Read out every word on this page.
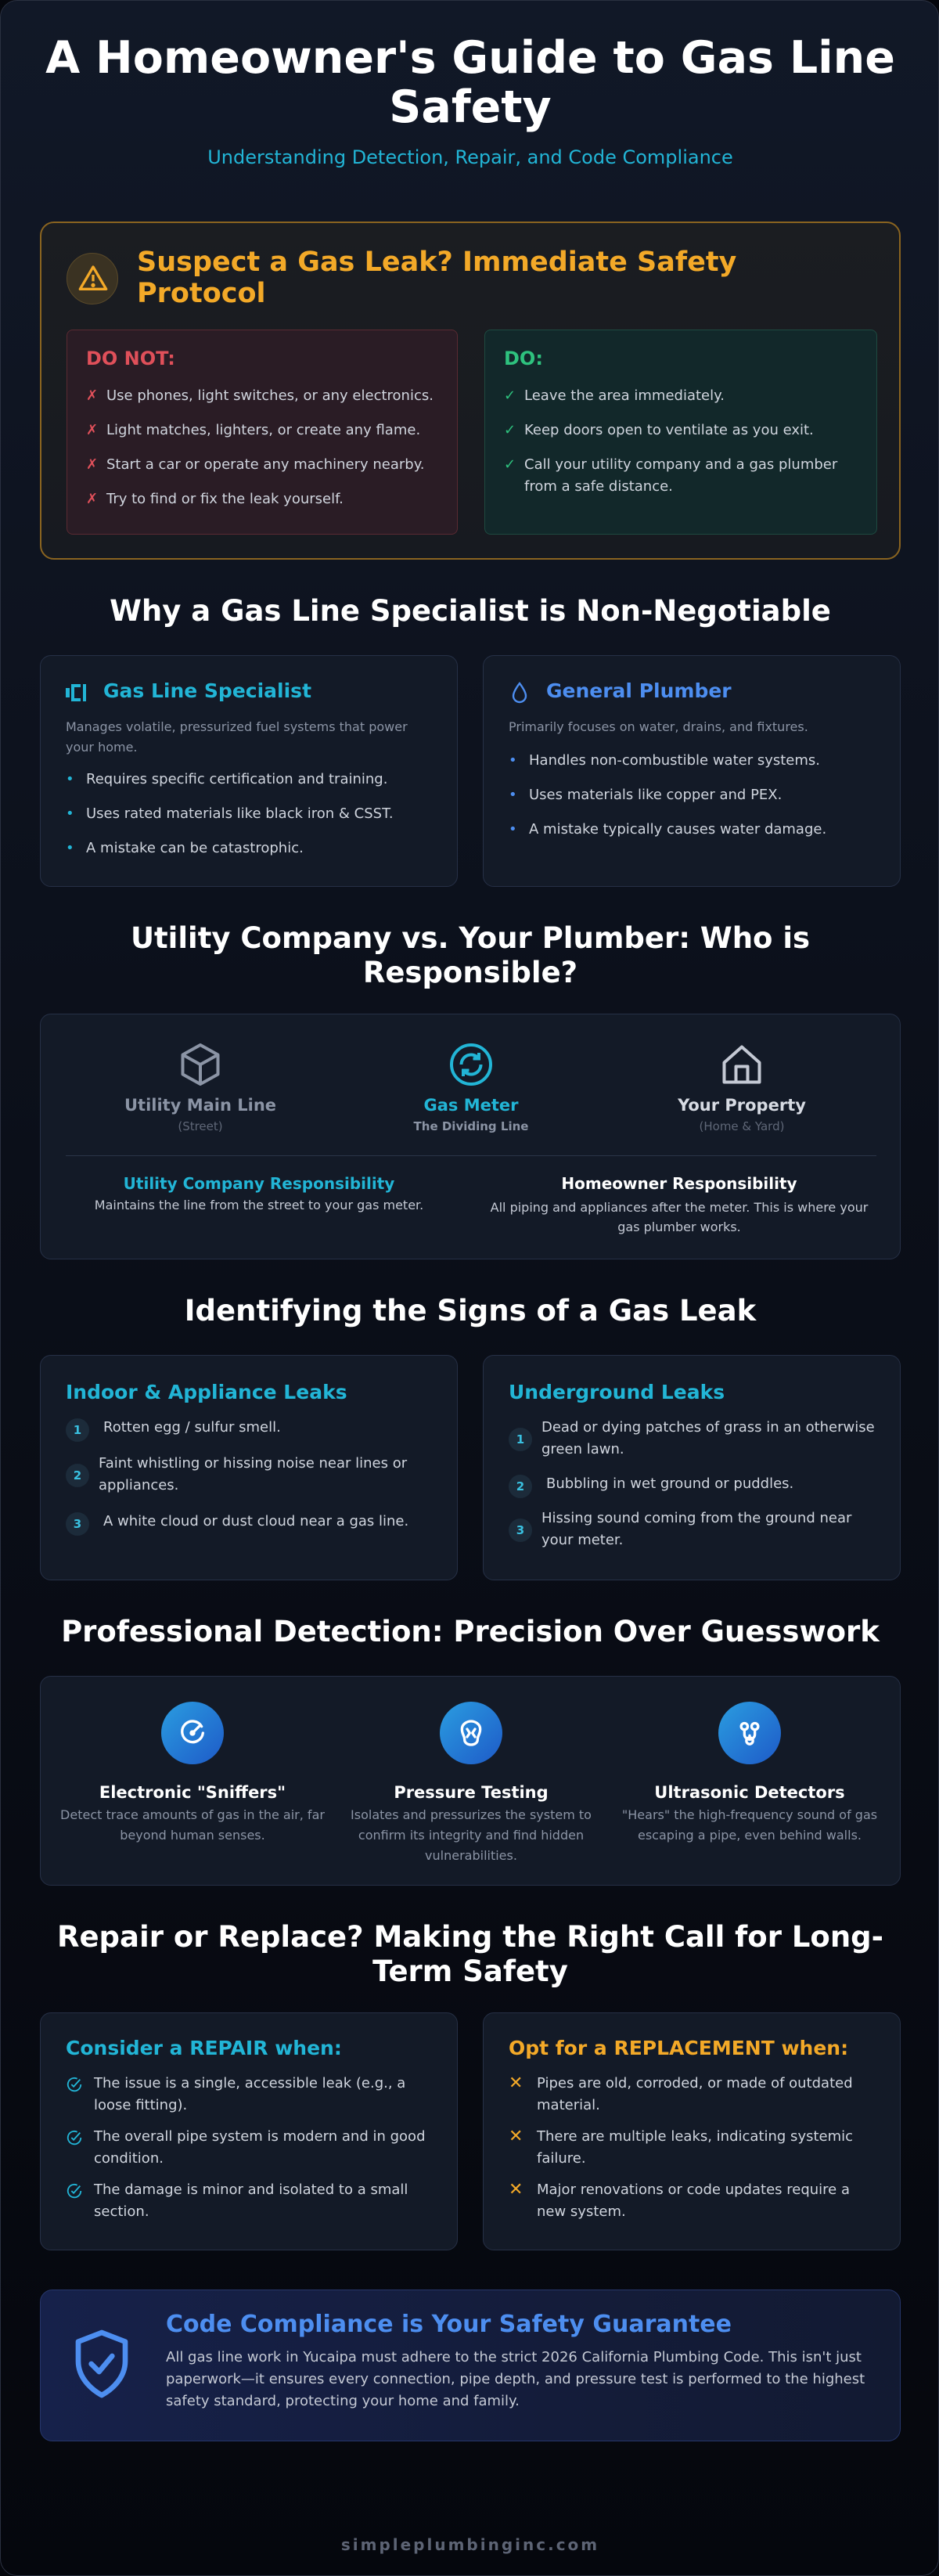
A Homeowner's Guide to Gas Line Safety
Understanding Detection, Repair, and Code Compliance
Suspect a Gas Leak? Immediate Safety Protocol
DO NOT:
✗ Use phones, light switches, or any electronics.
✗ Light matches, lighters, or create any flame.
✗ Start a car or operate any machinery nearby.
✗ Try to find or fix the leak yourself.
DO:
✓ Leave the area immediately.
✓ Keep doors open to ventilate as you exit.
✓ Call your utility company and a gas plumber from a safe distance.
Why a Gas Line Specialist is Non-Negotiable
Gas Line Specialist
Manages volatile, pressurized fuel systems that power your home.
• Requires specific certification and training.
• Uses rated materials like black iron & CSST.
• A mistake can be catastrophic.
General Plumber
Primarily focuses on water, drains, and fixtures.
• Handles non-combustible water systems.
• Uses materials like copper and PEX.
• A mistake typically causes water damage.
Utility Company vs. Your Plumber: Who is Responsible?
Utility Main Line
(Street)
Gas Meter
The Dividing Line
Your Property
(Home & Yard)
Utility Company Responsibility
Maintains the line from the street to your gas meter.
Homeowner Responsibility
All piping and appliances after the meter. This is where your gas plumber works.
Identifying the Signs of a Gas Leak
Indoor & Appliance Leaks
1	Rotten egg / sulfur smell.
2
Faint whistling or hissing noise near lines or appliances.
3	A white cloud or dust cloud near a gas line.
Underground Leaks
1
Dead or dying patches of grass in an otherwise green lawn.
2	Bubbling in wet ground or puddles.
3
Hissing sound coming from the ground near your meter.
Professional Detection: Precision Over Guesswork
Electronic "Sniffers"
Detect trace amounts of gas in the air, far beyond human senses.
Pressure Testing
Isolates and pressurizes the system to confirm its integrity and find hidden vulnerabilities.
Ultrasonic Detectors
"Hears" the high-frequency sound of gas escaping a pipe, even behind walls.
Repair or Replace? Making the Right Call for Long-Term Safety
Consider a REPAIR when:
The issue is a single, accessible leak (e.g., a loose fitting).
The overall pipe system is modern and in good condition.
The damage is minor and isolated to a small section.
Opt for a REPLACEMENT when:
✕ Pipes are old, corroded, or made of outdated material.
✕ There are multiple leaks, indicating systemic failure.
✕ Major renovations or code updates require a new system.
Code Compliance is Your Safety Guarantee
All gas line work in Yucaipa must adhere to the strict 2026 California Plumbing Code. This isn't just paperwork—it ensures every connection, pipe depth, and pressure test is performed to the highest safety standard, protecting your home and family.
simpleplumbinginc.com
